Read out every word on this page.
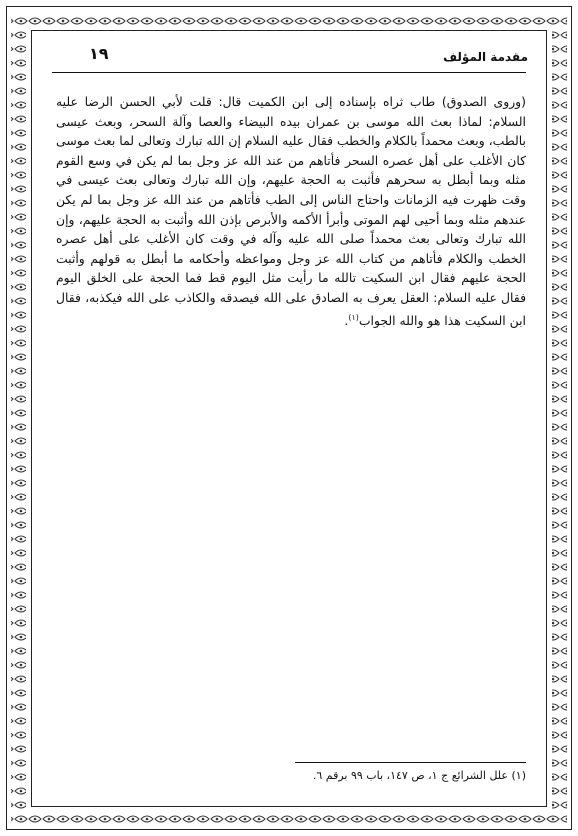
مقدمة المؤلف
١٩

(وروى الصدوق) طاب ثراه بإسناده إلى ابن الكميت قال: قلت لأبي الحسن الرضا عليه السلام: لماذا بعث الله موسى بن عمران بيده البيضاء والعصا وآلة السحر، وبعث عيسى بالطب، وبعث محمداً بالكلام والخطب فقال عليه السلام إن الله تبارك وتعالى لما بعث موسى كان الأغلب على أهل عصره السحر فأتاهم من عند الله عز وجل بما لم يكن في وسع القوم مثله وبما أبطل به سحرهم فأثبت به الحجة عليهم، وإن الله تبارك وتعالى بعث عيسى في وقت ظهرت فيه الزمانات واحتاج الناس إلى الطب فأتاهم من عند الله عز وجل بما لم يكن عندهم مثله وبما أحيى لهم الموتى وأبرأ الأكمه والأبرص بإذن الله وأثبت به الحجة عليهم، وإن الله تبارك وتعالى بعث محمداً صلى الله عليه وآله في وقت كان الأغلب على أهل عصره الخطب والكلام فأتاهم من كتاب الله عز وجل ومواعظه وأحكامه ما أبطل به قولهم وأثبت الحجة عليهم فقال ابن السكيت تالله ما رأيت مثل اليوم قط فما الحجة على الخلق اليوم فقال عليه السلام: العقل يعرف به الصادق على الله فيصدقه والكاذب على الله فيكذبه، فقال ابن السكيت هذا هو والله الجواب$^{(١)}$.

(١) علل الشرائع ج ١، ص ١٤٧، باب ٩٩ برقم ٦.
